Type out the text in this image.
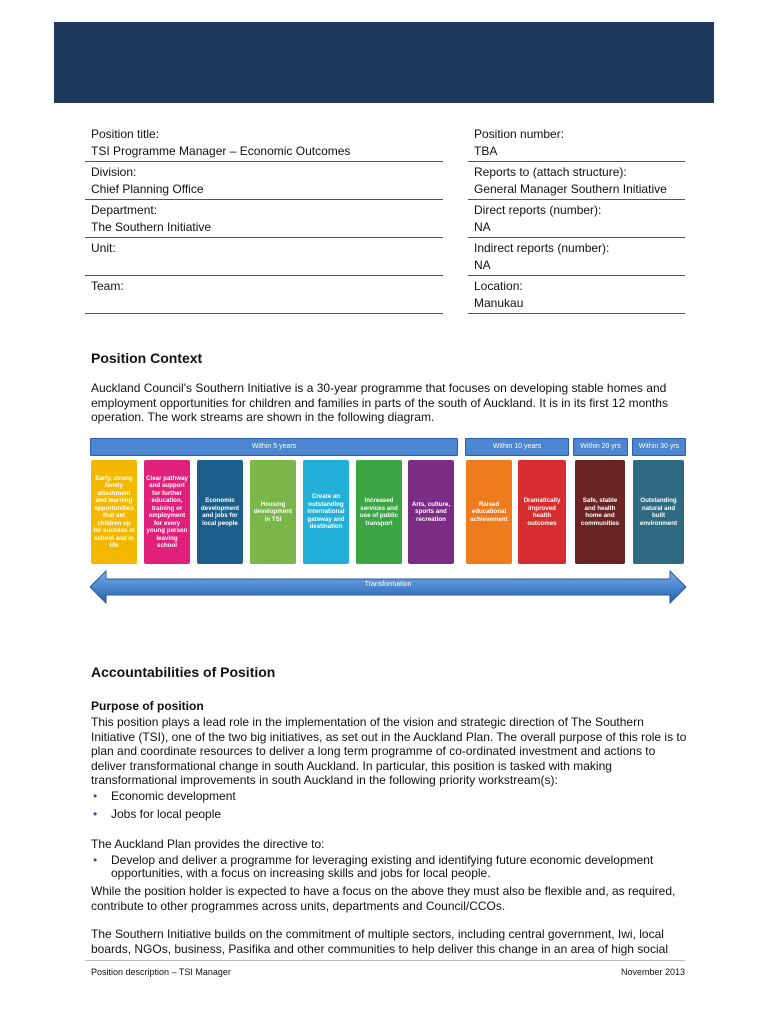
Position title:
TSI Programme Manager – Economic Outcomes
Division:
Chief Planning Office
Department:
The Southern Initiative
Unit:
Team:
Position number:
TBA
Reports to (attach structure):
General Manager Southern Initiative
Direct reports (number):
NA
Indirect reports (number):
NA
Location:
Manukau
Position Context

Auckland Council's Southern Initiative is a 30-year programme that focuses on developing stable homes and employment opportunities for children and families in parts of the south of Auckland. It is in its first 12 months operation. The work streams are shown in the following diagram.

Within 5 years	Within 10 years	Within 20 yrs	Within 30 yrs
Early, strong family attachment and learning opportunities that set children up for success at school and in life
Clear pathway and support for further education, training or employment for every young person leaving school
Economic development and jobs for local people
Housing development in TSI
Create an outstanding international gateway and destination
Increased services and use of public transport
Arts, culture, sports and recreation
Raised educational achievement
Dramatically improved health outcomes
Safe, stable and health home and communities
Outstanding natural and built environment
Transformation
Accountabilities of Position
Purpose of position

This position plays a lead role in the implementation of the vision and strategic direction of The Southern Initiative (TSI), one of the two big initiatives, as set out in the Auckland Plan. The overall purpose of this role is to plan and coordinate resources to deliver a long term programme of co-ordinated investment and actions to deliver transformational change in south Auckland. In particular, this position is tasked with making transformational improvements in south Auckland in the following priority workstream(s):

• Economic development
• Jobs for local people

The Auckland Plan provides the directive to:

• Develop and deliver a programme for leveraging existing and identifying future economic development opportunities, with a focus on increasing skills and jobs for local people.

While the position holder is expected to have a focus on the above they must also be flexible and, as required, contribute to other programmes across units, departments and Council/CCOs.

The Southern Initiative builds on the commitment of multiple sectors, including central government, Iwi, local boards, NGOs, business, Pasifika and other communities to help deliver this change in an area of high social

Position description – TSI Manager	November 2013
